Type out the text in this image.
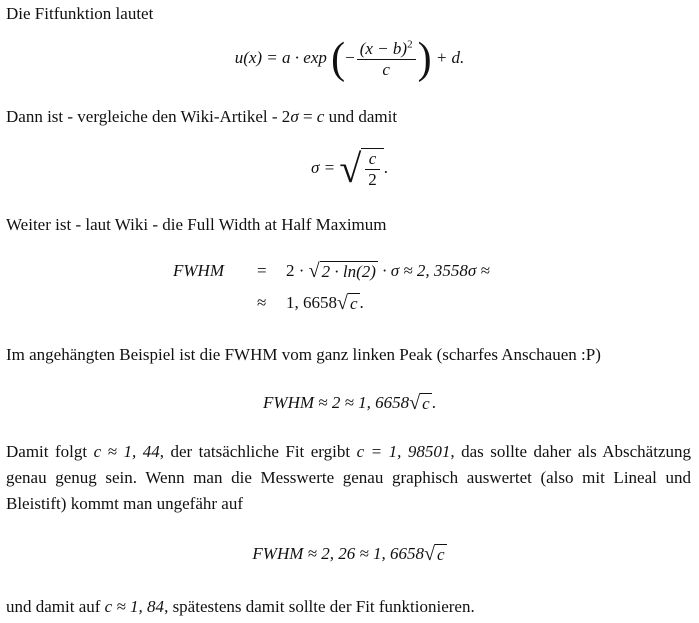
Die Fitfunktion lautet
u(x) = a · exp (− $\frac{(x - b)^2}{c}$ ) + d.
Dann ist - vergleiche den Wiki-Artikel - 2σ = c und damit
σ = √ $\frac{c}{2}$ .
Weiter ist - laut Wiki - die Full Width at Half Maximum
FWHM = 2 · √ 2 · ln(2) · σ ≈ 2, 3558σ ≈
≈ 1, 6658√ c .
Im angehängten Beispiel ist die FWHM vom ganz linken Peak (scharfes Anschauen :P)
FWHM ≈ 2 ≈ 1, 6658√ c .
Damit folgt c ≈ 1, 44, der tatsächliche Fit ergibt c = 1, 98501, das sollte daher als Abschätzung genau genug sein. Wenn man die Messwerte genau graphisch auswertet (also mit Lineal und Bleistift) kommt man ungefähr auf
FWHM ≈ 2, 26 ≈ 1, 6658√ c
und damit auf c ≈ 1, 84, spätestens damit sollte der Fit funktionieren.
